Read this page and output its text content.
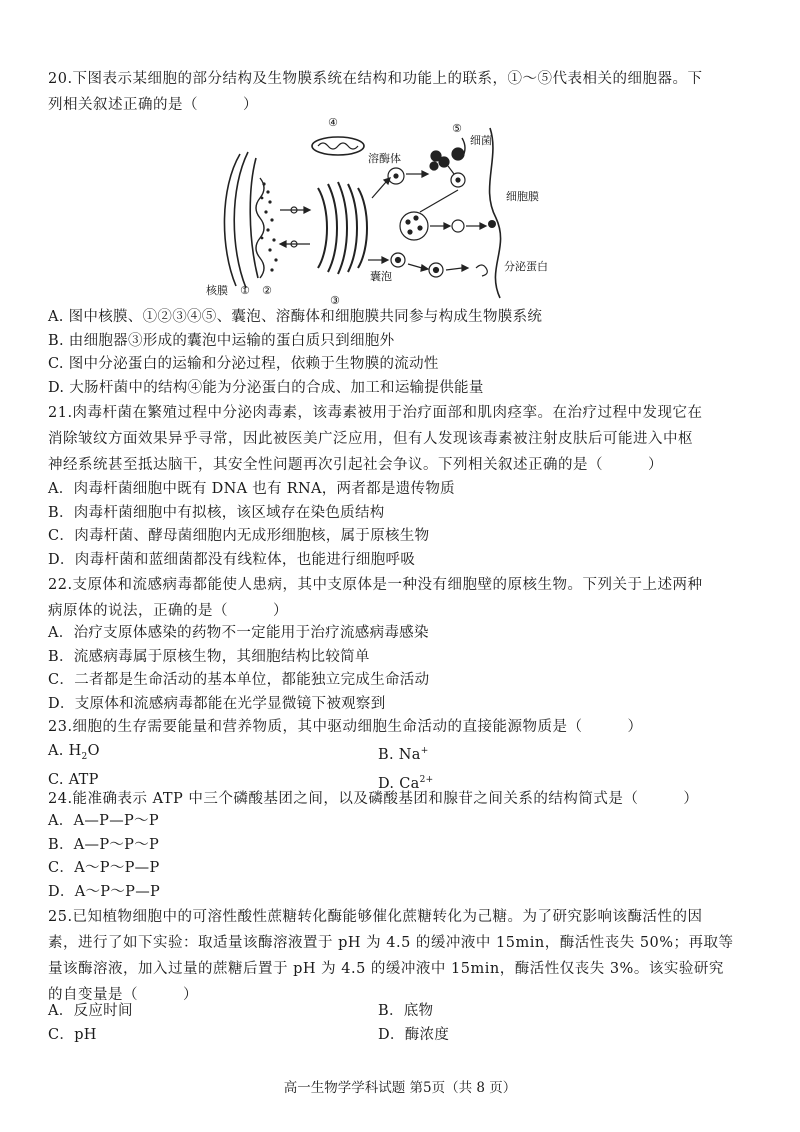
20.下图表示某细胞的部分结构及生物膜系统在结构和功能上的联系，①～⑤代表相关的细胞器。下
列相关叙述正确的是（　　　）
④	⑤
细菌
溶酶体
细胞膜
囊泡
分泌蛋白
核膜 ① ②
③
A. 图中核膜、①②③④⑤、囊泡、溶酶体和细胞膜共同参与构成生物膜系统
B. 由细胞器③形成的囊泡中运输的蛋白质只到细胞外
C. 图中分泌蛋白的运输和分泌过程，依赖于生物膜的流动性
D. 大肠杆菌中的结构④能为分泌蛋白的合成、加工和运输提供能量
21.肉毒杆菌在繁殖过程中分泌肉毒素，该毒素被用于治疗面部和肌肉痉挛。在治疗过程中发现它在
消除皱纹方面效果异乎寻常，因此被医美广泛应用，但有人发现该毒素被注射皮肤后可能进入中枢
神经系统甚至抵达脑干，其安全性问题再次引起社会争议。下列相关叙述正确的是（　　　）
A．肉毒杆菌细胞中既有 DNA 也有 RNA，两者都是遗传物质
B．肉毒杆菌细胞中有拟核，该区域存在染色质结构
C．肉毒杆菌、酵母菌细胞内无成形细胞核，属于原核生物
D．肉毒杆菌和蓝细菌都没有线粒体，也能进行细胞呼吸
22.支原体和流感病毒都能使人患病，其中支原体是一种没有细胞壁的原核生物。下列关于上述两种
病原体的说法，正确的是（　　　）
A．治疗支原体感染的药物不一定能用于治疗流感病毒感染
B．流感病毒属于原核生物，其细胞结构比较简单
C．二者都是生命活动的基本单位，都能独立完成生命活动
D．支原体和流感病毒都能在光学显微镜下被观察到
23.细胞的生存需要能量和营养物质，其中驱动细胞生命活动的直接能源物质是（　　　）
A. $H_2O$	B. Na+
C. ATP	D. $Ca^{2+}$
24.能准确表示 ATP 中三个磷酸基团之间，以及磷酸基团和腺苷之间关系的结构简式是（　　　）
A．A—P—P～P
B．A—P～P～P
C．A～P～P—P
D．A～P～P—P
25.已知植物细胞中的可溶性酸性蔗糖转化酶能够催化蔗糖转化为己糖。为了研究影响该酶活性的因
素，进行了如下实验：取适量该酶溶液置于 pH 为 4.5 的缓冲液中 15min，酶活性丧失 50%；再取等
量该酶溶液，加入过量的蔗糖后置于 pH 为 4.5 的缓冲液中 15min，酶活性仅丧失 3%。该实验研究
的自变量是（　　　）
A．反应时间	B．底物
C．pH	D．酶浓度
高一生物学学科试题 第5页（共 8 页）
